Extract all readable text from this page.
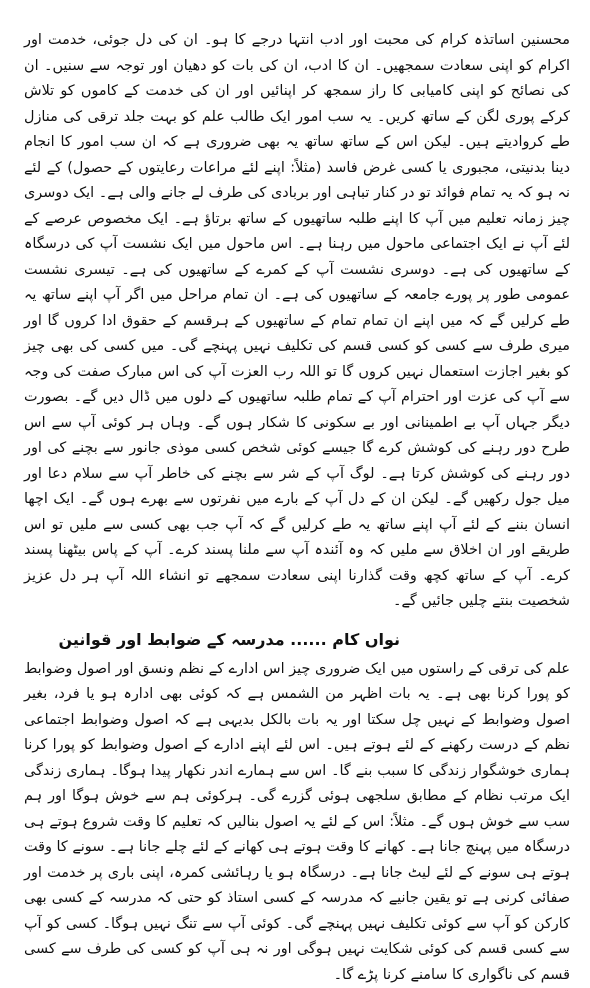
محسنین اساتذہ کرام کی محبت اور ادب انتہا درجے کا ہو۔ ان کی دل جوئی، خدمت اور اکرام کو اپنی سعادت سمجھیں۔ ان کا ادب، ان کی بات کو دھیان اور توجہ سے سنیں۔ ان کی نصائح کو اپنی کامیابی کا راز سمجھ کر اپنائیں اور ان کی خدمت کے کاموں کو تلاش کرکے پوری لگن کے ساتھ کریں۔ یہ سب امور ایک طالب علم کو بہت جلد ترقی کی منازل طے کروادیتے ہیں۔ لیکن اس کے ساتھ ساتھ یہ بھی ضروری ہے کہ ان سب امور کا انجام دینا بدنیتی، مجبوری یا کسی غرض فاسد (مثلاً: اپنے لئے مراعات رعایتوں کے حصول) کے لئے نہ ہو کہ یہ تمام فوائد تو در کنار تباہی اور بربادی کی طرف لے جانے والی ہے۔ ایک دوسری چیز زمانہ تعلیم میں آپ کا اپنے طلبہ ساتھیوں کے ساتھ برتاؤ ہے۔ ایک مخصوص عرصے کے لئے آپ نے ایک اجتماعی ماحول میں رہنا ہے۔ اس ماحول میں ایک نشست آپ کی درسگاہ کے ساتھیوں کی ہے۔ دوسری نشست آپ کے کمرے کے ساتھیوں کی ہے۔ تیسری نشست عمومی طور پر پورے جامعہ کے ساتھیوں کی ہے۔ ان تمام مراحل میں اگر آپ اپنے ساتھ یہ طے کرلیں گے کہ میں اپنے ان تمام تمام کے ساتھیوں کے ہرقسم کے حقوق ادا کروں گا اور میری طرف سے کسی کو کسی قسم کی تکلیف نہیں پہنچے گی۔ میں کسی کی بھی چیز کو بغیر اجازت استعمال نہیں کروں گا تو اللہ رب العزت آپ کی اس مبارک صفت کی وجہ سے آپ کی عزت اور احترام آپ کے تمام طلبہ ساتھیوں کے دلوں میں ڈال دیں گے۔ بصورت دیگر جہاں آپ بے اطمینانی اور بے سکونی کا شکار ہوں گے۔ وہاں ہر کوئی آپ سے اس طرح دور رہنے کی کوشش کرے گا جیسے کوئی شخص کسی موذی جانور سے بچنے کی اور دور رہنے کی کوشش کرتا ہے۔ لوگ آپ کے شر سے بچنے کی خاطر آپ سے سلام دعا اور میل جول رکھیں گے۔ لیکن ان کے دل آپ کے بارے میں نفرتوں سے بھرے ہوں گے۔ ایک اچھا انسان بننے کے لئے آپ اپنے ساتھ یہ طے کرلیں گے کہ آپ جب بھی کسی سے ملیں تو اس طریقے اور ان اخلاق سے ملیں کہ وہ آئندہ آپ سے ملنا پسند کرے۔ آپ کے پاس بیٹھنا پسند کرے۔ آپ کے ساتھ کچھ وقت گذارنا اپنی سعادت سمجھے تو انشاء اللہ آپ ہر دل عزیز شخصیت بنتے چلیں جائیں گے۔

نواں کام ...... مدرسہ کے ضوابط اور قوانین

علم کی ترقی کے راستوں میں ایک ضروری چیز اس ادارے کے نظم ونسق اور اصول وضوابط کو پورا کرنا بھی ہے۔ یہ بات اظہر من الشمس ہے کہ کوئی بھی ادارہ ہو یا فرد، بغیر اصول وضوابط کے نہیں چل سکتا اور یہ بات بالکل بدیہی ہے کہ اصول وضوابط اجتماعی نظم کے درست رکھنے کے لئے ہوتے ہیں۔ اس لئے اپنے ادارے کے اصول وضوابط کو پورا کرنا ہماری خوشگوار زندگی کا سبب بنے گا۔ اس سے ہمارے اندر نکھار پیدا ہوگا۔ ہماری زندگی ایک مرتب نظام کے مطابق سلجھی ہوئی گزرے گی۔ ہرکوئی ہم سے خوش ہوگا اور ہم سب سے خوش ہوں گے۔ مثلاً: اس کے لئے یہ اصول بنالیں کہ تعلیم کا وقت شروع ہوتے ہی درسگاہ میں پہنچ جانا ہے۔ کھانے کا وقت ہوتے ہی کھانے کے لئے چلے جانا ہے۔ سونے کا وقت ہوتے ہی سونے کے لئے لیٹ جانا ہے۔ درسگاہ ہو یا رہائشی کمرہ، اپنی باری پر خدمت اور صفائی کرنی ہے تو یقین جانیے کہ مدرسہ کے کسی استاذ کو حتی کہ مدرسہ کے کسی بھی کارکن کو آپ سے کوئی تکلیف نہیں پہنچے گی۔ کوئی آپ سے تنگ نہیں ہوگا۔ کسی کو آپ سے کسی قسم کی کوئی شکایت نہیں ہوگی اور نہ ہی آپ کو کسی کی طرف سے کسی قسم کی ناگواری کا سامنے کرنا پڑے گا۔
